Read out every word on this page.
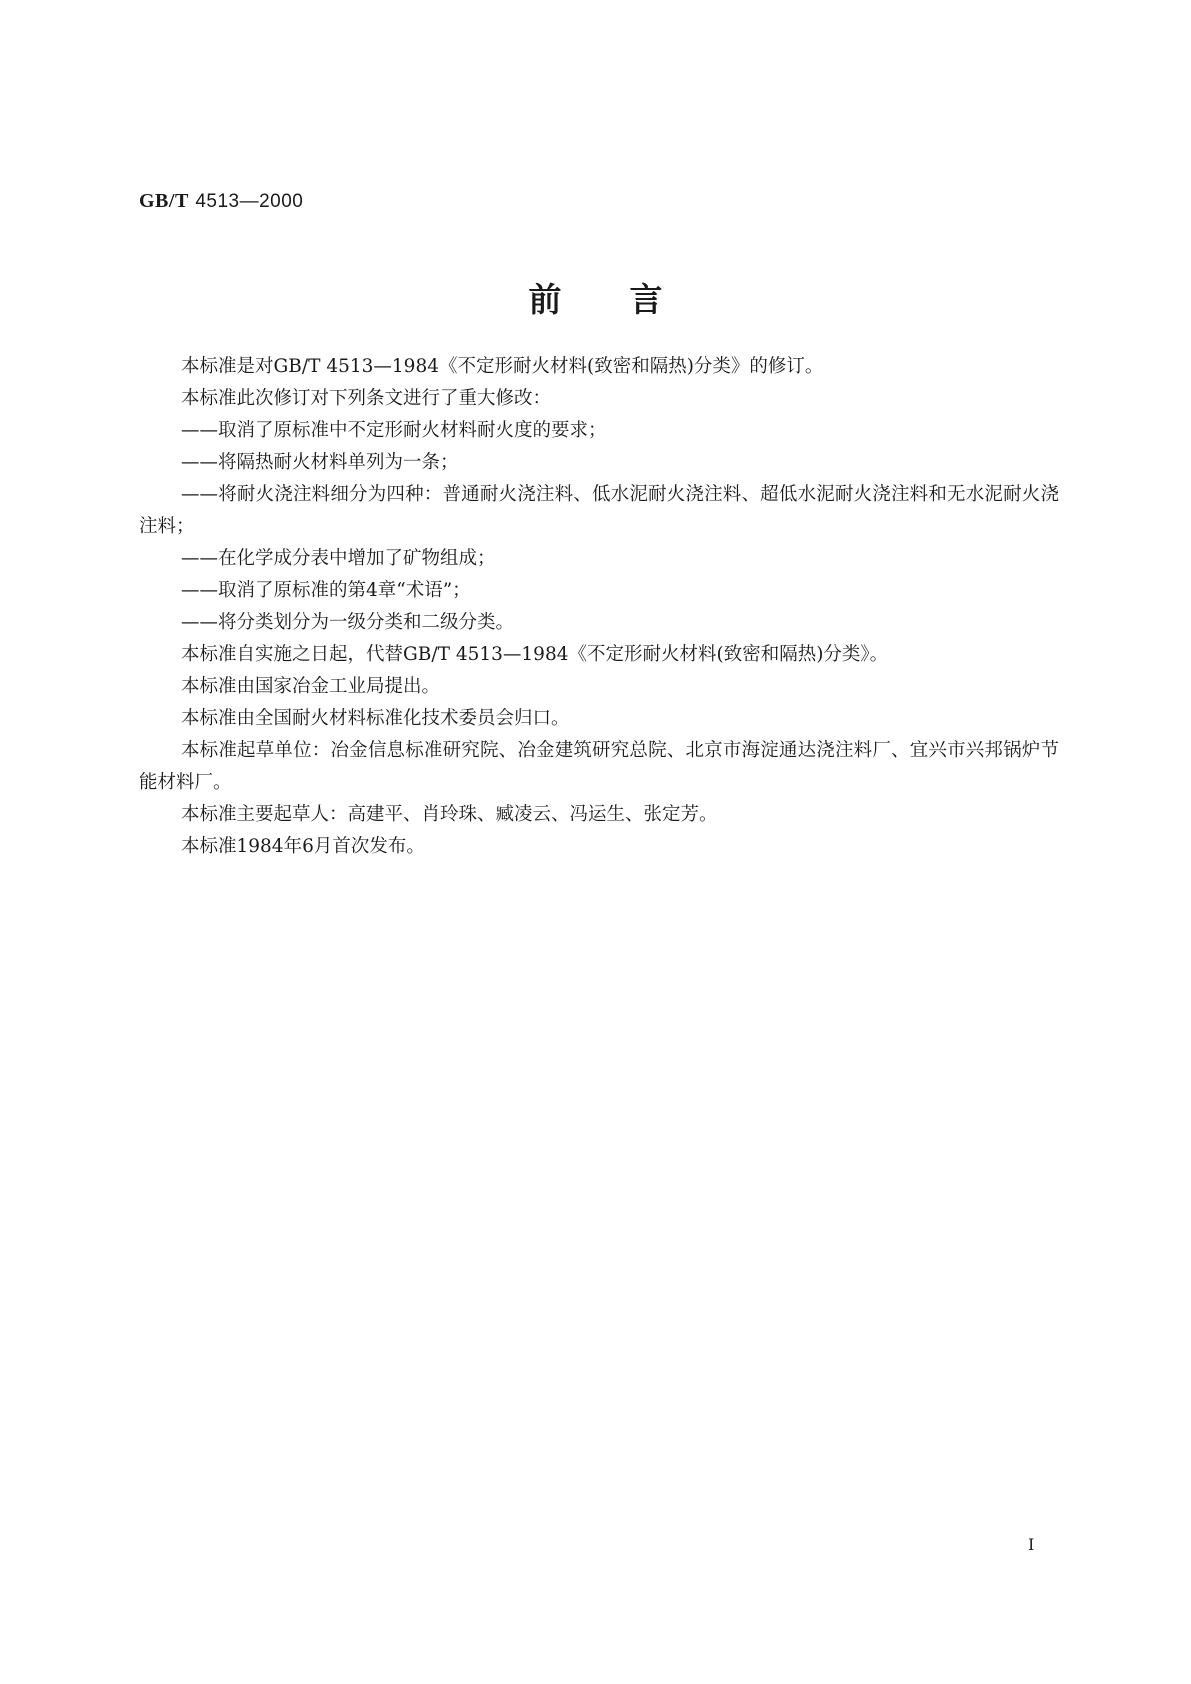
GB/T 4513—2000
前言

本标准是对GB/T 4513—1984《不定形耐火材料(致密和隔热)分类》的修订。

本标准此次修订对下列条文进行了重大修改：

——取消了原标准中不定形耐火材料耐火度的要求；

——将隔热耐火材料单列为一条；

——将耐火浇注料细分为四种：普通耐火浇注料、低水泥耐火浇注料、超低水泥耐火浇注料和无水泥耐火浇注料；

——在化学成分表中增加了矿物组成；

——取消了原标准的第4章“术语”；

——将分类划分为一级分类和二级分类。

本标准自实施之日起，代替GB/T 4513—1984《不定形耐火材料(致密和隔热)分类》。

本标准由国家冶金工业局提出。

本标准由全国耐火材料标准化技术委员会归口。

本标准起草单位：冶金信息标准研究院、冶金建筑研究总院、北京市海淀通达浇注料厂、宜兴市兴邦锅炉节能材料厂。

本标准主要起草人：高建平、肖玲珠、臧凌云、冯运生、张定芳。

本标准1984年6月首次发布。

I
